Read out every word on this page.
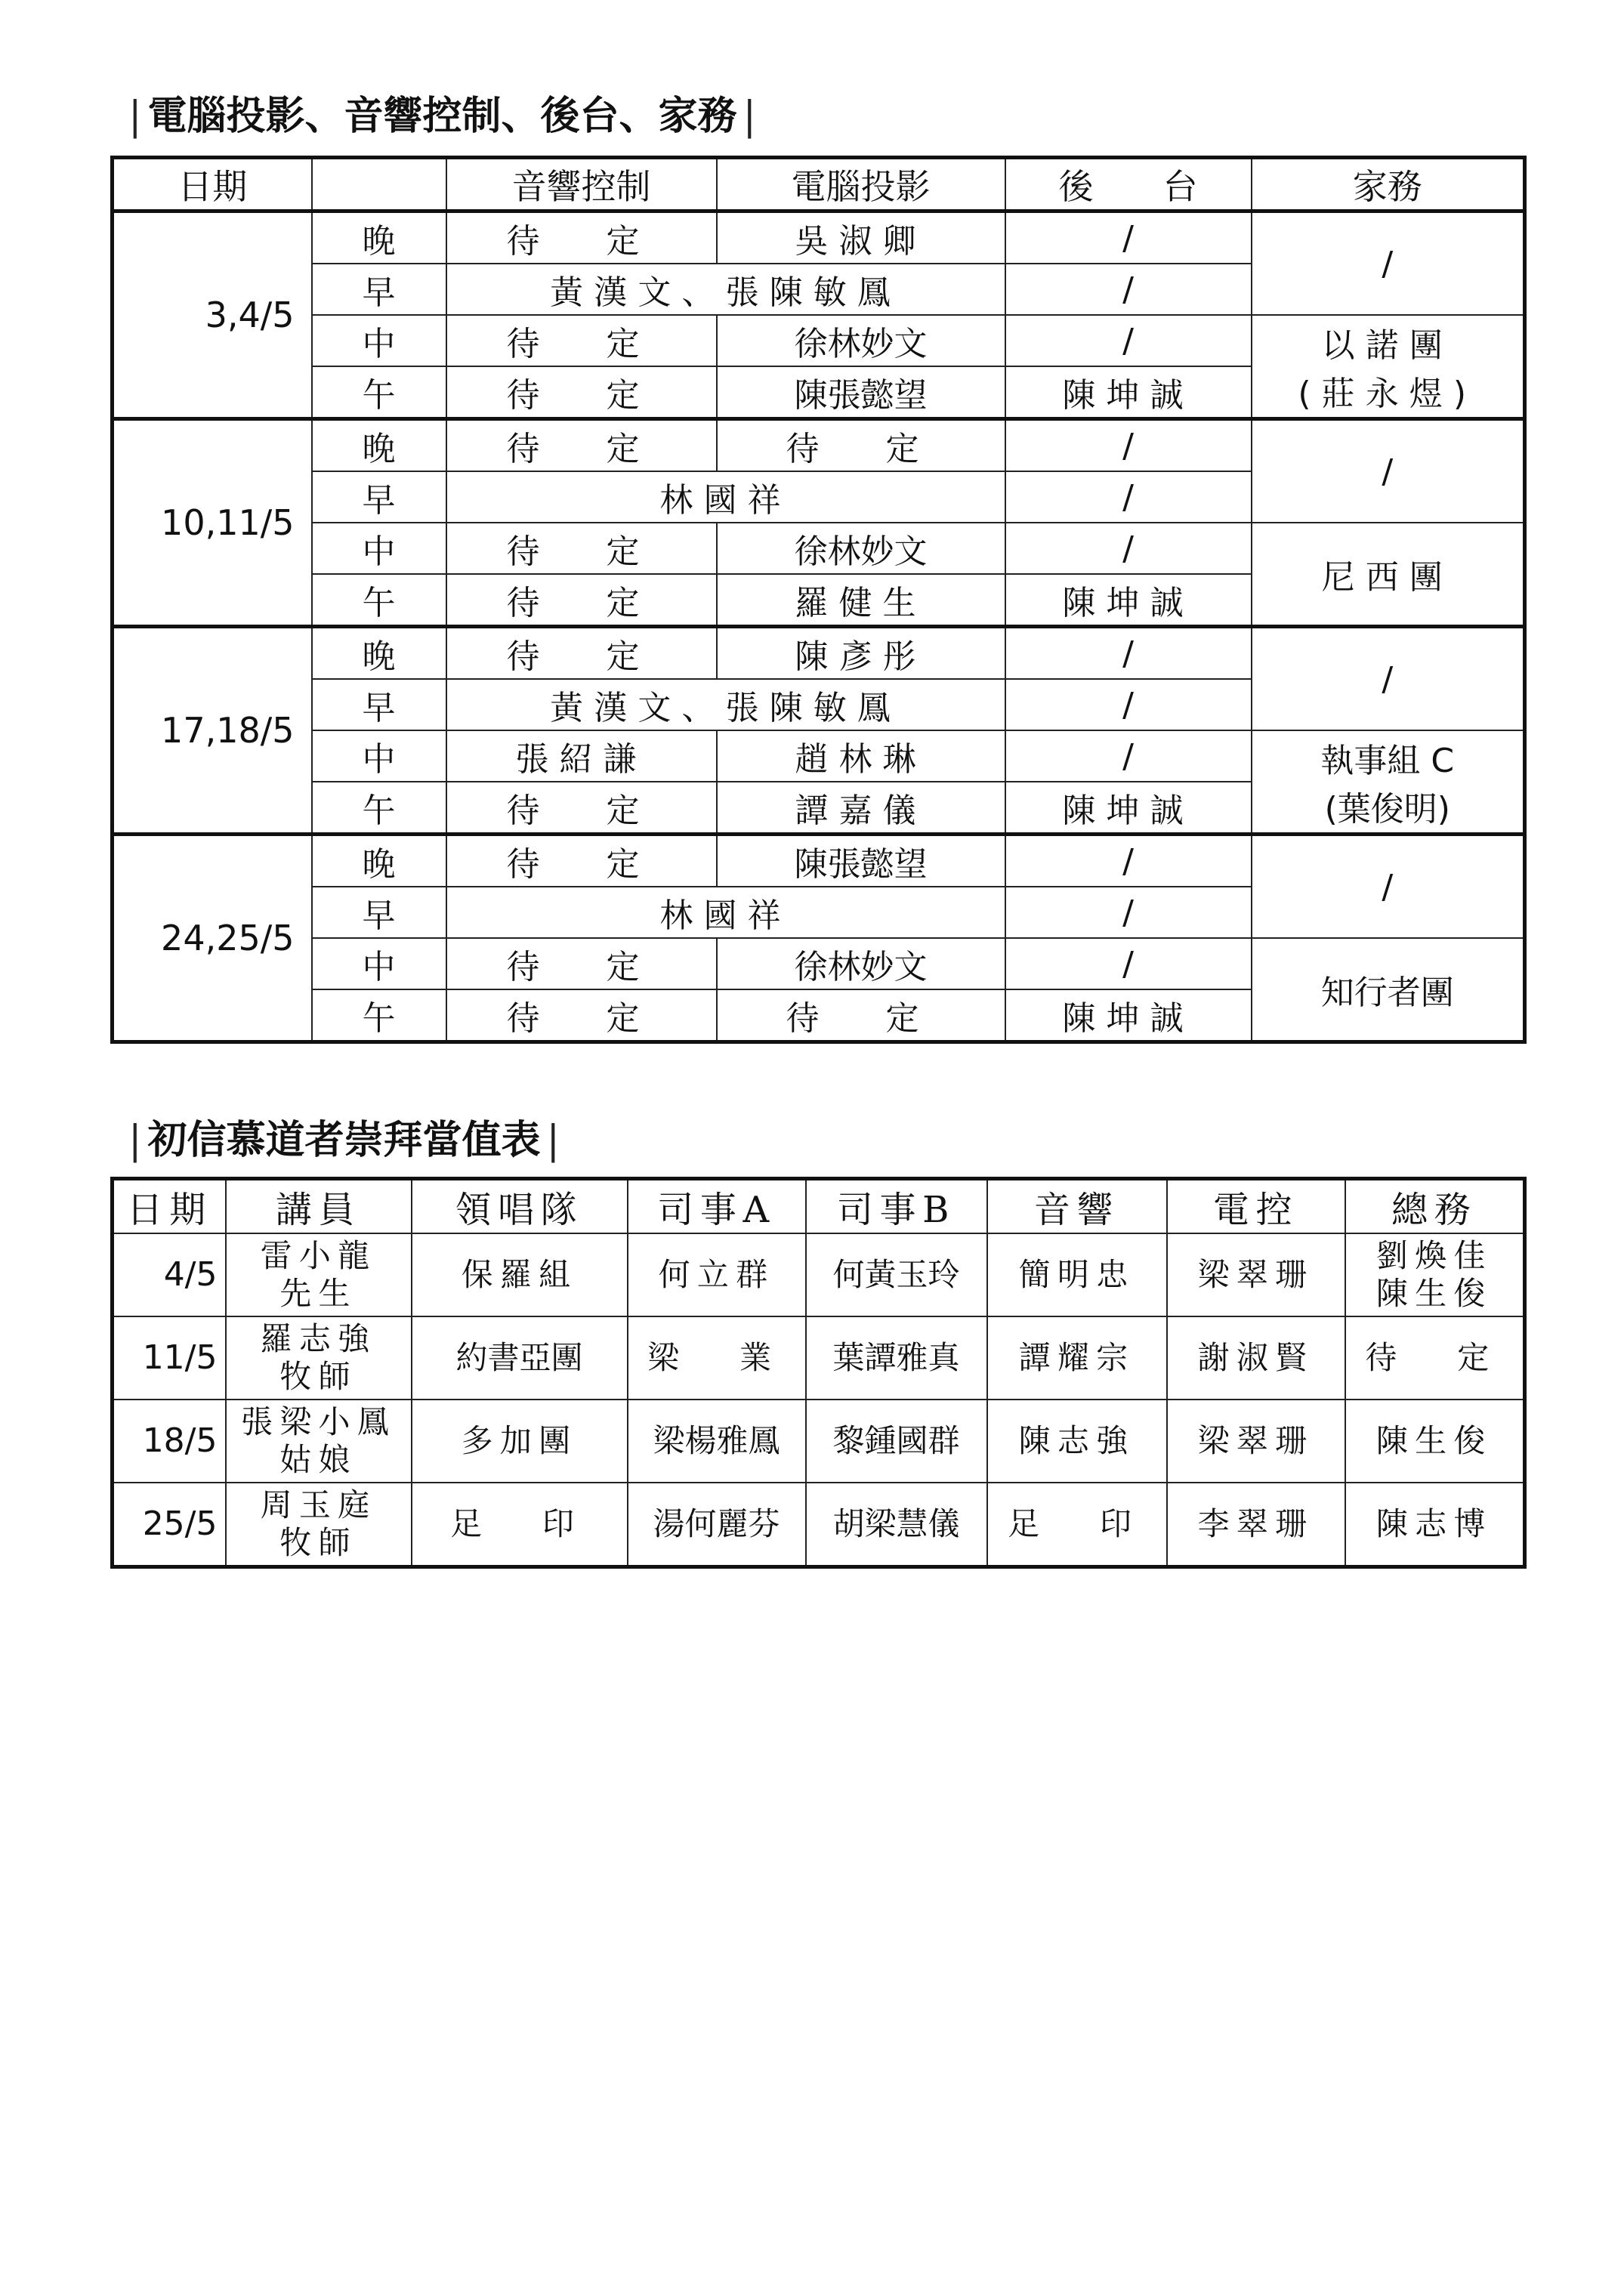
| 電腦投影、音響控制、後台、家務 |
日期		音響控制	電腦投影	後　　台	家務
3,4/5	晚	待　定	吳淑卿	/	/
	早	黃漢文、張陳敏鳳		/	
	中	待　定	徐林妙文	/	以諾團
(莊永煜)

	午	待　定	陳張懿望	陳坤誠	
10,11/5	晚	待　定	待　定	/	/
	早	林國祥		/	
	中	待　定	徐林妙文	/	尼西團

	午	待　定	羅健生	陳坤誠	
17,18/5	晚	待　定	陳彥彤	/	/
	早	黃漢文、張陳敏鳳		/	
	中	張紹謙	趙林琳	/	執事組 C
(葉俊明)

	午	待　定	譚嘉儀	陳坤誠	
24,25/5	晚	待　定	陳張懿望	/	/
	早	林國祥		/	
	中	待　定	徐林妙文	/	知行者團

	午	待　定	待　定	陳坤誠	
| 初信慕道者崇拜當值表 |
日期	講員	領唱隊	司事A	司事B	音響	電控	總務
4/5	雷小龍
先生	保羅組	何立群	何黃玉玲	簡明忠	梁翠珊	劉煥佳
陳生俊

11/5	羅志強
牧師	約書亞團	梁　業	葉譚雅真	譚耀宗	謝淑賢	待　定

18/5	張梁小鳳
姑娘	多加團	梁楊雅鳳	黎鍾國群	陳志強	梁翠珊	陳生俊

25/5	周玉庭
牧師	足　印	湯何麗芬	胡梁慧儀	足　印	李翠珊	陳志博
